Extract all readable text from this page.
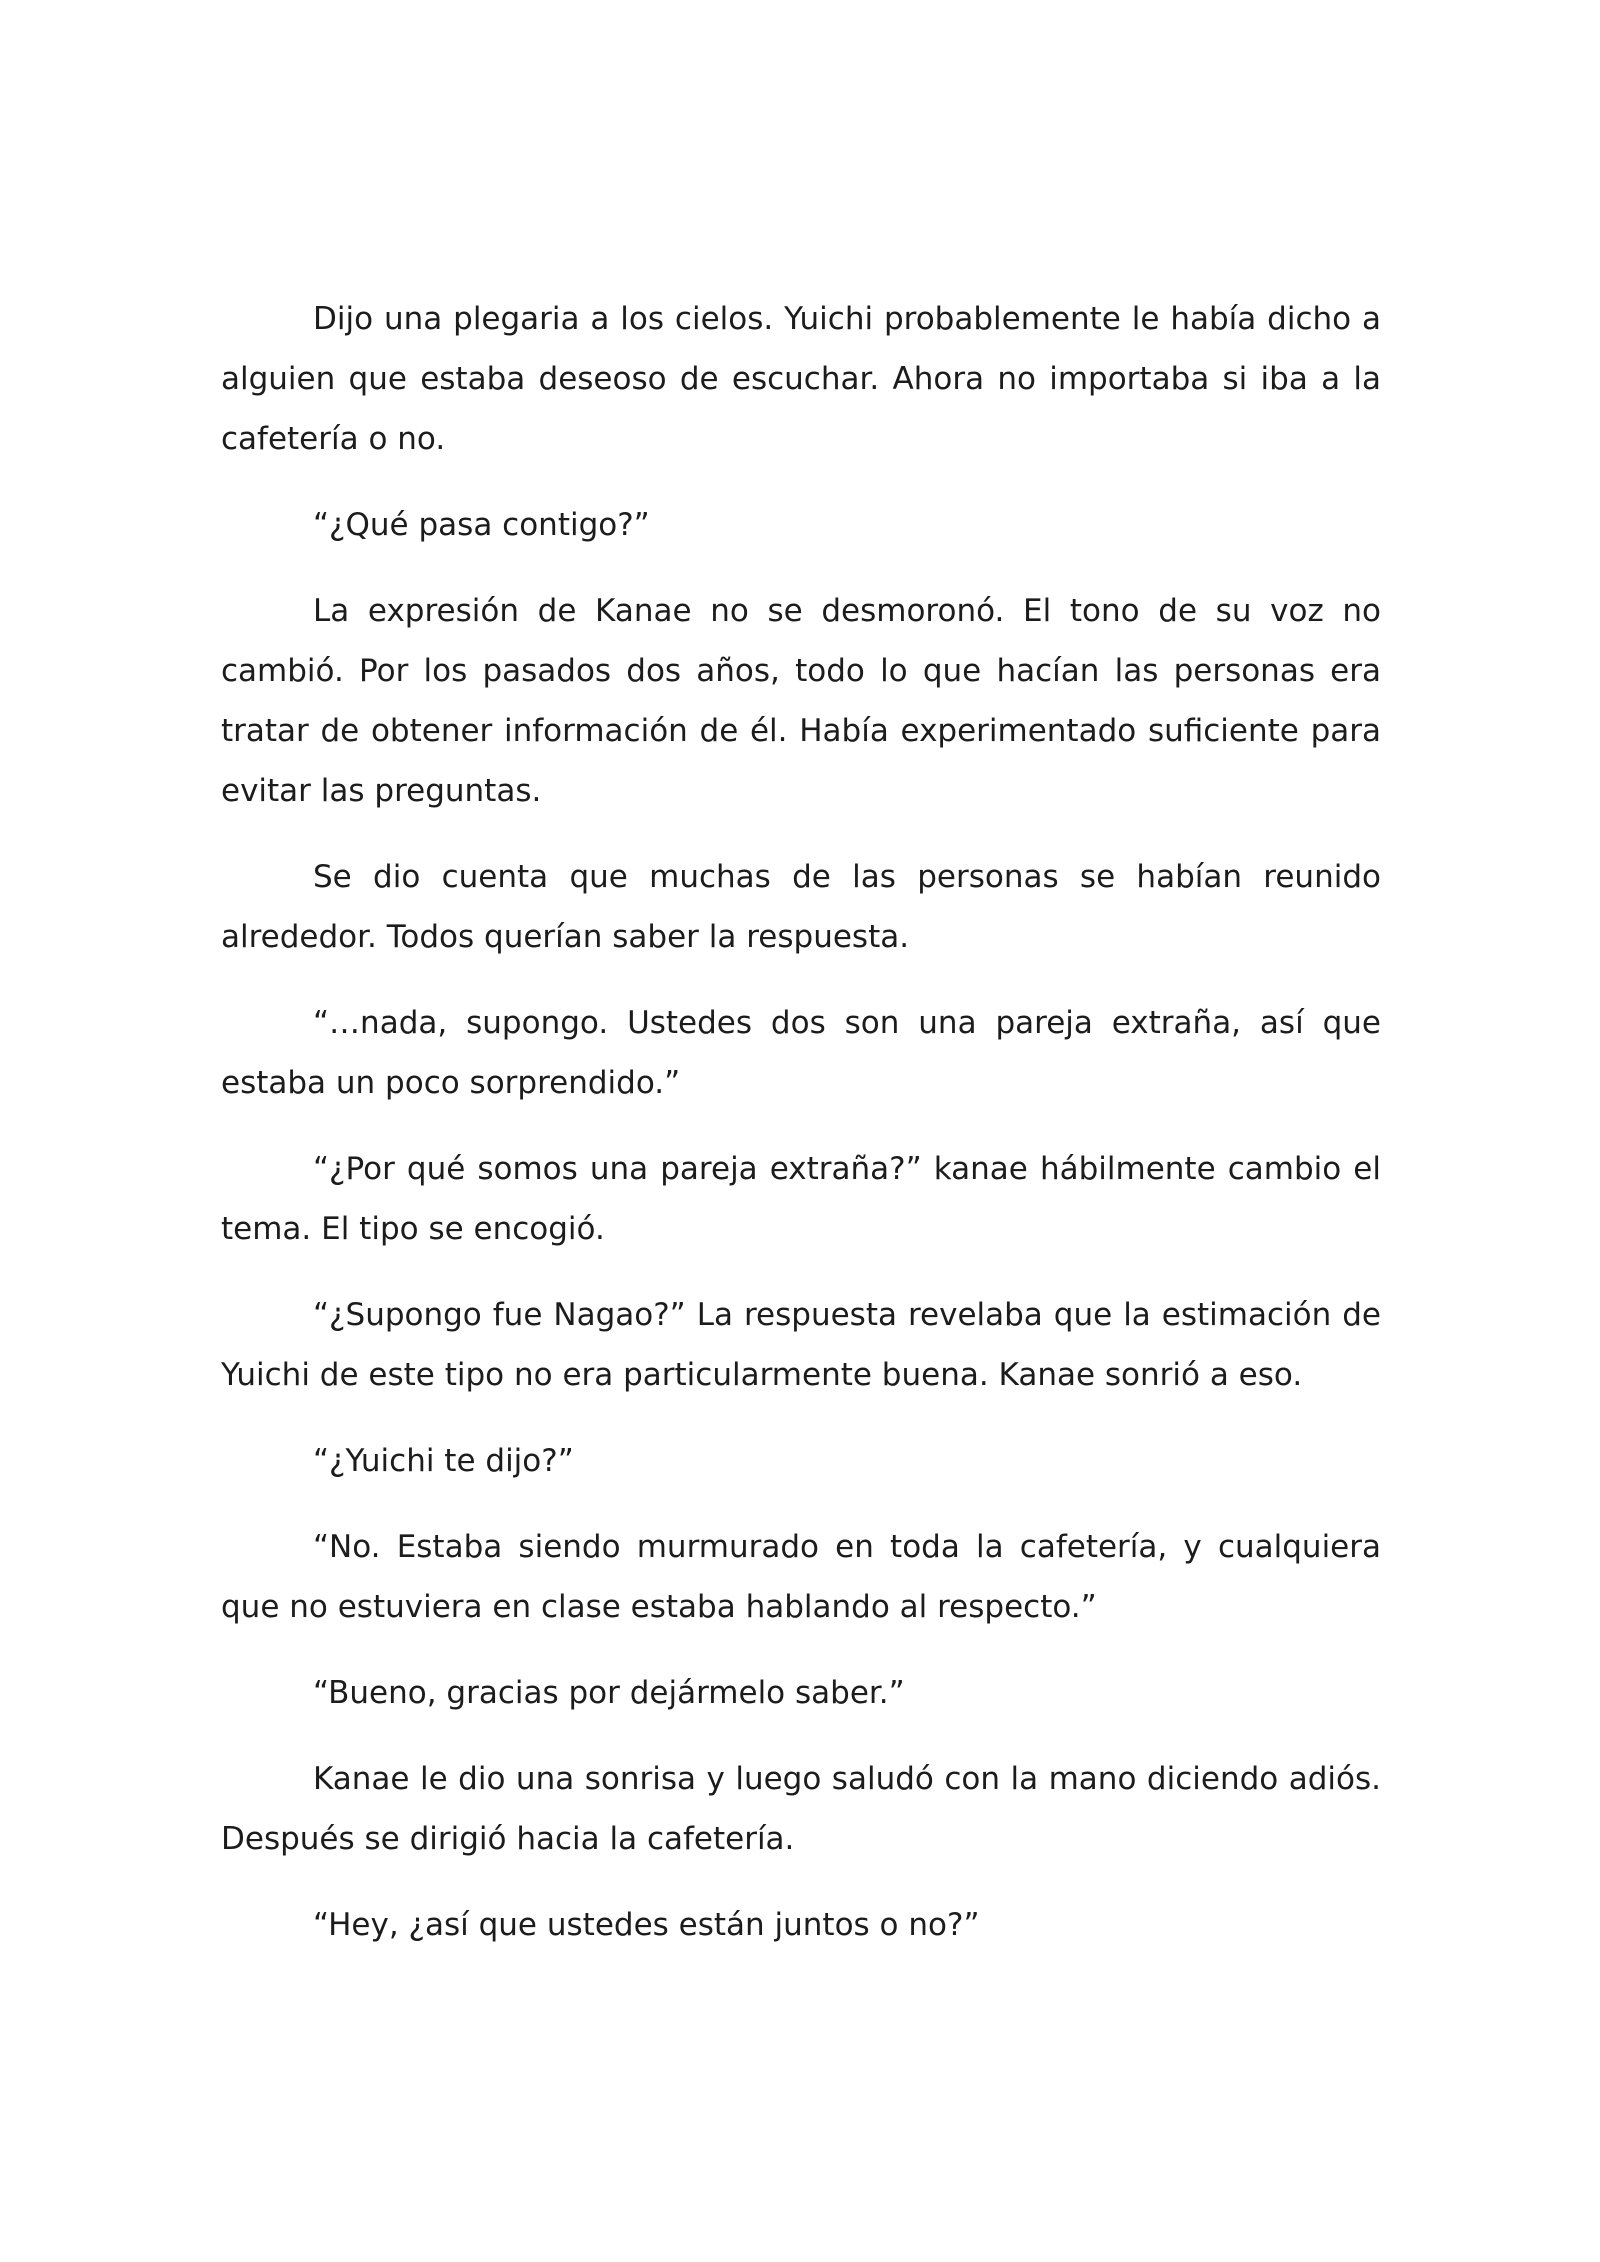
Dijo una plegaria a los cielos. Yuichi probablemente le había dicho a alguien que estaba deseoso de escuchar. Ahora no importaba si iba a la cafetería o no.

“¿Qué pasa contigo?”

La expresión de Kanae no se desmoronó. El tono de su voz no cambió. Por los pasados dos años, todo lo que hacían las personas era tratar de obtener información de él. Había experimentado suficiente para evitar las preguntas.

Se dio cuenta que muchas de las personas se habían reunido alrededor. Todos querían saber la respuesta.

“…nada, supongo. Ustedes dos son una pareja extraña, así que estaba un poco sorprendido.”

“¿Por qué somos una pareja extraña?” kanae hábilmente cambio el tema. El tipo se encogió.

“¿Supongo fue Nagao?” La respuesta revelaba que la estimación de Yuichi de este tipo no era particularmente buena. Kanae sonrió a eso.

“¿Yuichi te dijo?”

“No. Estaba siendo murmurado en toda la cafetería, y cualquiera que no estuviera en clase estaba hablando al respecto.”

“Bueno, gracias por dejármelo saber.”

Kanae le dio una sonrisa y luego saludó con la mano diciendo adiós. Después se dirigió hacia la cafetería.

“Hey, ¿así que ustedes están juntos o no?”
